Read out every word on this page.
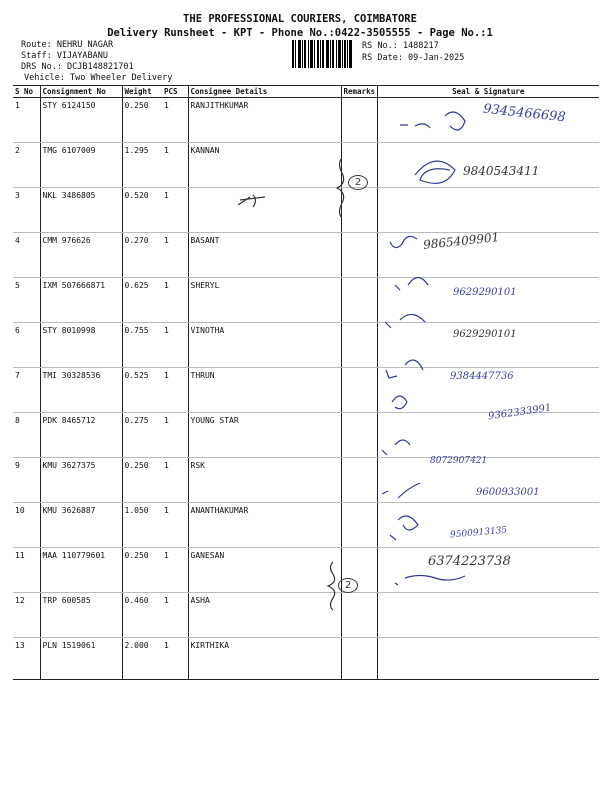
THE PROFESSIONAL COURIERS, COIMBATORE
Delivery Runsheet - KPT - Phone No.:0422-3505555 - Page No.:1
Route: NEHRU NAGAR
Staff: VIJAYABANU
DRS No.: DCJB148821701
Vehicle: Two Wheeler Delivery
RS No.: 1488217
RS Date: 09-Jan-2025
S No	Consignment No	Weight	PCS	Consignee Details	Remarks	Seal & Signature
1	STY 6124150	0.250	1	RANJITHKUMAR		
2	TMG 6107009	1.295	1	KANNAN		
3	NKL 3486805	0.520	1			
4	CMM 976626	0.270	1	BASANT		
5	IXM 507666871	0.625	1	SHERYL		
6	STY 8010998	0.755	1	VINOTHA		
7	TMI 30328536	0.525	1	THRUN		
8	PDK 8465712	0.275	1	YOUNG STAR		
9	KMU 3627375	0.250	1	RSK		
10	KMU 3626887	1.050	1	ANANTHAKUMAR		
11	MAA 110779601	0.250	1	GANESAN		
12	TRP 600585	0.460	1	ASHA		
13	PLN 1519061	2.000	1	KIRTHIKA		
9345466698
9840543411
9865409901
9629290101
9629290101
9384447736
9362333991
8072907421
9600933001
9500913135
6374223738
2
2
